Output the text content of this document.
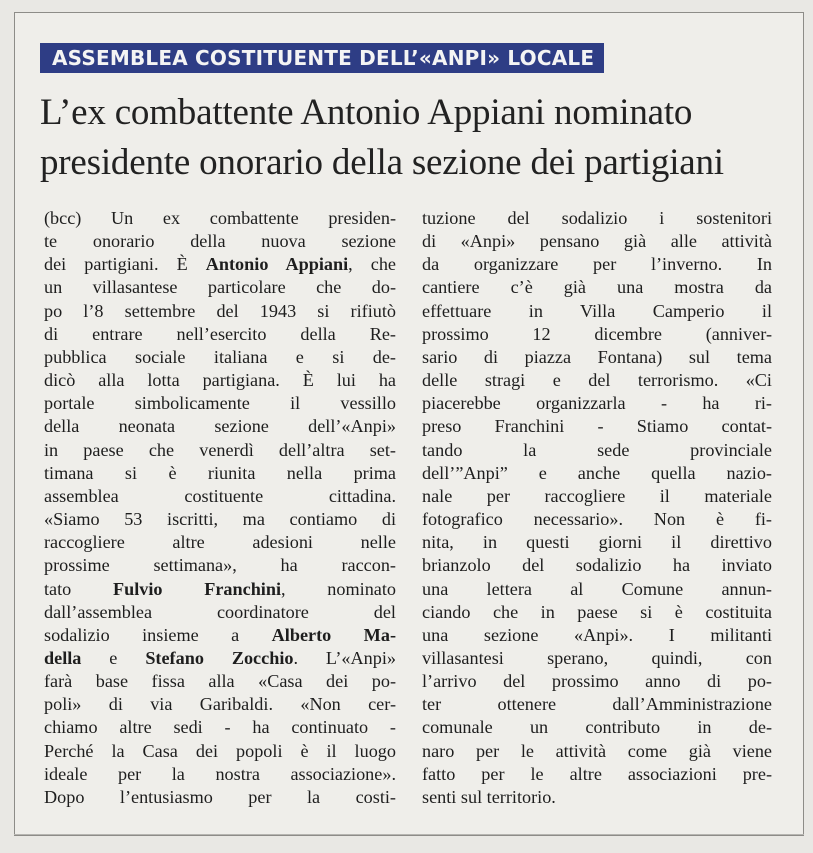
ASSEMBLEA COSTITUENTE DELL’«ANPI» LOCALE
L’ex combattente Antonio Appiani nominato
presidente onorario della sezione dei partigiani
(bcc) Un ex combattente presiden-
te onorario della nuova sezione
dei partigiani. È Antonio Appiani, che
un villasantese particolare che do-
po l’8 settembre del 1943 si rifiutò
di entrare nell’esercito della Re-
pubblica sociale italiana e si de-
dicò alla lotta partigiana. È lui ha
portale simbolicamente il vessillo
della neonata sezione dell’«Anpi»
in paese che venerdì dell’altra set-
timana si è riunita nella prima
assemblea costituente cittadina.
«Siamo 53 iscritti, ma contiamo di
raccogliere altre adesioni nelle
prossime settimana», ha raccon-
tato Fulvio Franchini, nominato
dall’assemblea coordinatore del
sodalizio insieme a Alberto Ma-
della e Stefano Zocchio. L’«Anpi»
farà base fissa alla «Casa dei po-
poli» di via Garibaldi. «Non cer-
chiamo altre sedi - ha continuato -
Perché la Casa dei popoli è il luogo
ideale per la nostra associazione».
Dopo l’entusiasmo per la costi-
tuzione del sodalizio i sostenitori
di «Anpi» pensano già alle attività
da organizzare per l’inverno. In
cantiere c’è già una mostra da
effettuare in Villa Camperio il
prossimo 12 dicembre (anniver-
sario di piazza Fontana) sul tema
delle stragi e del terrorismo. «Ci
piacerebbe organizzarla - ha ri-
preso Franchini - Stiamo contat-
tando la sede provinciale
dell’”Anpi” e anche quella nazio-
nale per raccogliere il materiale
fotografico necessario». Non è fi-
nita, in questi giorni il direttivo
brianzolo del sodalizio ha inviato
una lettera al Comune annun-
ciando che in paese si è costituita
una sezione «Anpi». I militanti
villasantesi sperano, quindi, con
l’arrivo del prossimo anno di po-
ter ottenere dall’Amministrazione
comunale un contributo in de-
naro per le attività come già viene
fatto per le altre associazioni pre-
senti sul territorio.
